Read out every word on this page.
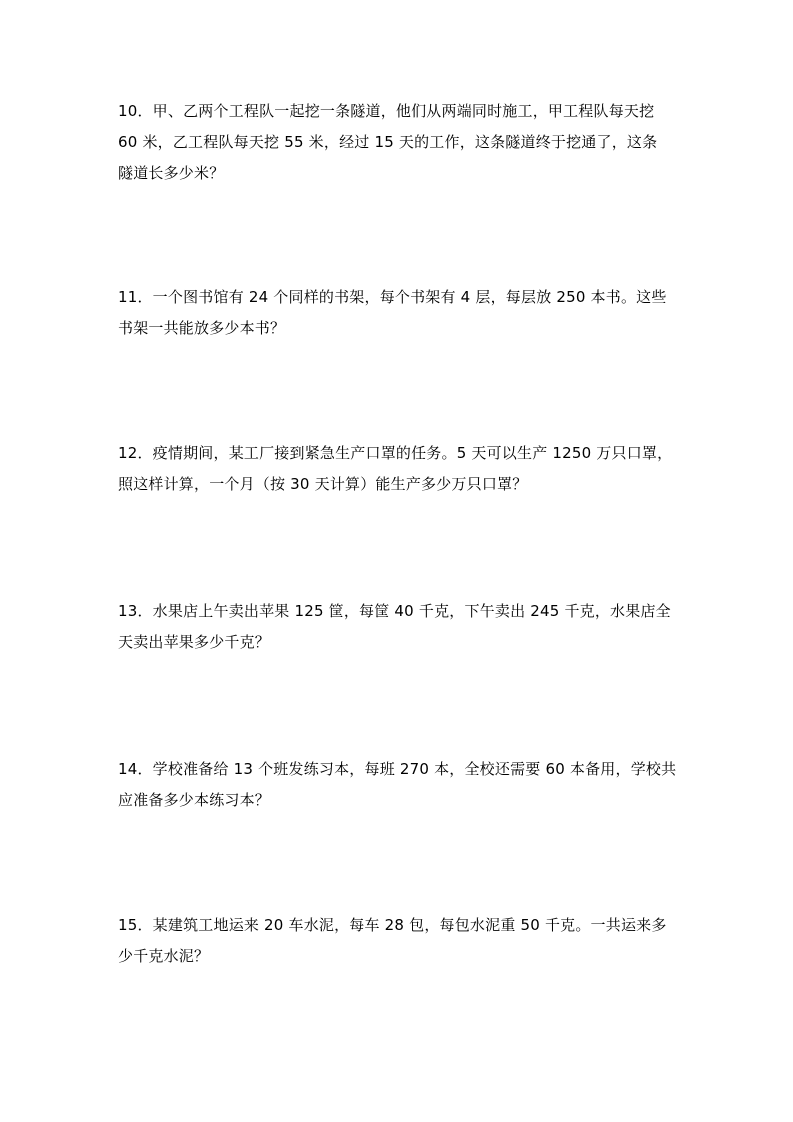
10．甲、乙两个工程队一起挖一条隧道，他们从两端同时施工，甲工程队每天挖
60 米，乙工程队每天挖 55 米，经过 15 天的工作，这条隧道终于挖通了，这条
隧道长多少米？
11．一个图书馆有 24 个同样的书架，每个书架有 4 层，每层放 250 本书。这些
书架一共能放多少本书？
12．疫情期间，某工厂接到紧急生产口罩的任务。5 天可以生产 1250 万只口罩，
照这样计算，一个月（按 30 天计算）能生产多少万只口罩？
13．水果店上午卖出苹果 125 筐，每筐 40 千克，下午卖出 245 千克，水果店全
天卖出苹果多少千克？
14．学校准备给 13 个班发练习本，每班 270 本，全校还需要 60 本备用，学校共
应准备多少本练习本？
15．某建筑工地运来 20 车水泥，每车 28 包，每包水泥重 50 千克。一共运来多
少千克水泥？
